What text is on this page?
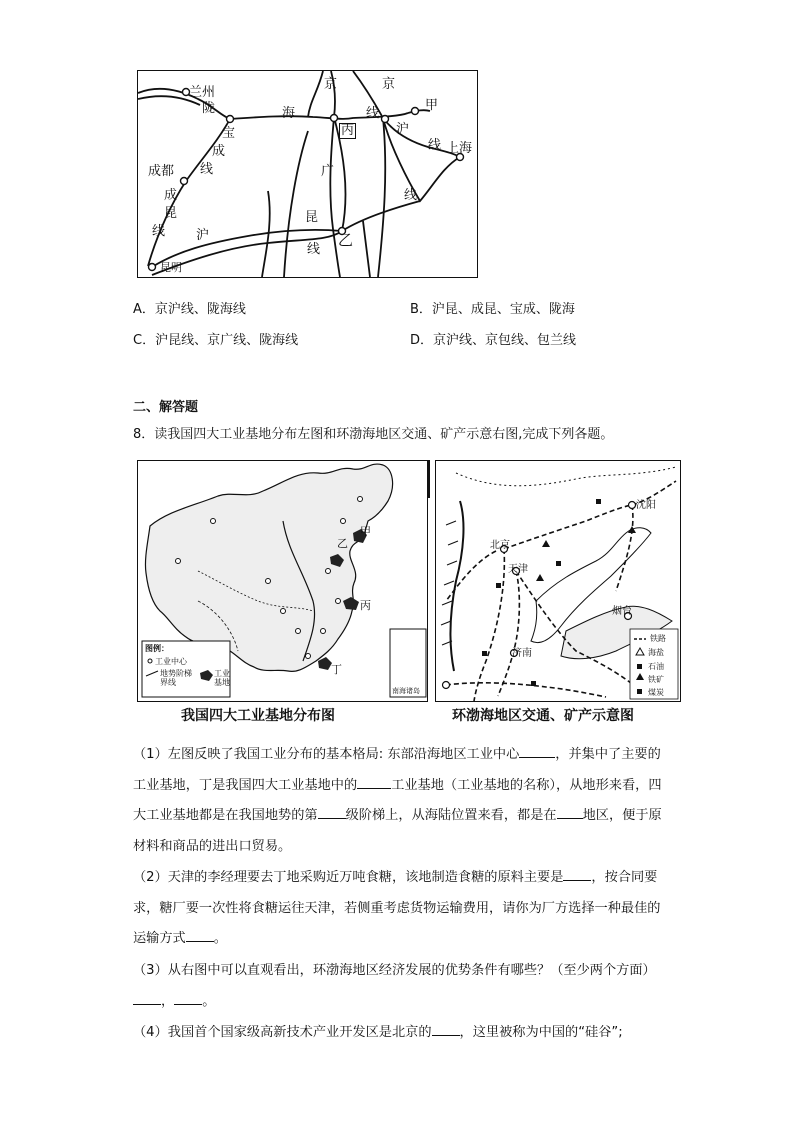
兰州
陇
宝
海
京	京
线
甲
沪
丙
线 上海
成
成都 线
成
广
昆
线
线
昆
乙
沪
线
昆明
A．京沪线、陇海线	B．沪昆、成昆、宝成、陇海
C．沪昆线、京广线、陇海线	D．京沪线、京包线、包兰线
二、解答题
8．读我国四大工业基地分布左图和环渤海地区交通、矿产示意右图,完成下列各题。
甲
乙
丙
丁
图例：
工业中心
地势阶梯界线
工业基地
南海诸岛
我国四大工业基地分布图
沈阳
北京
天津
烟台
济南
铁路
海盐
石油
铁矿
煤炭
环渤海地区交通、矿产示意图
（1）左图反映了我国工业分布的基本格局: 东部沿海地区工业中心	，并集中了主要的工业基地，丁是我国四大工业基地中的	工业基地（工业基地的名称），从地形来看，四大工业基地都是在我国地势的第 级阶梯上，从海陆位置来看，都是在 地区，便于原材料和商品的进出口贸易。
（2）天津的李经理要去丁地采购近万吨食糖，该地制造食糖的原料主要是 ，按合同要求，糖厂要一次性将食糖运往天津，若侧重考虑货物运输费用，请你为厂方选择一种最佳的运输方式 。
（3）从右图中可以直观看出，环渤海地区经济发展的优势条件有哪些？（至少两个方面）， 。
（4）我国首个国家级高新技术产业开发区是北京的 ，这里被称为中国的“硅谷”;
